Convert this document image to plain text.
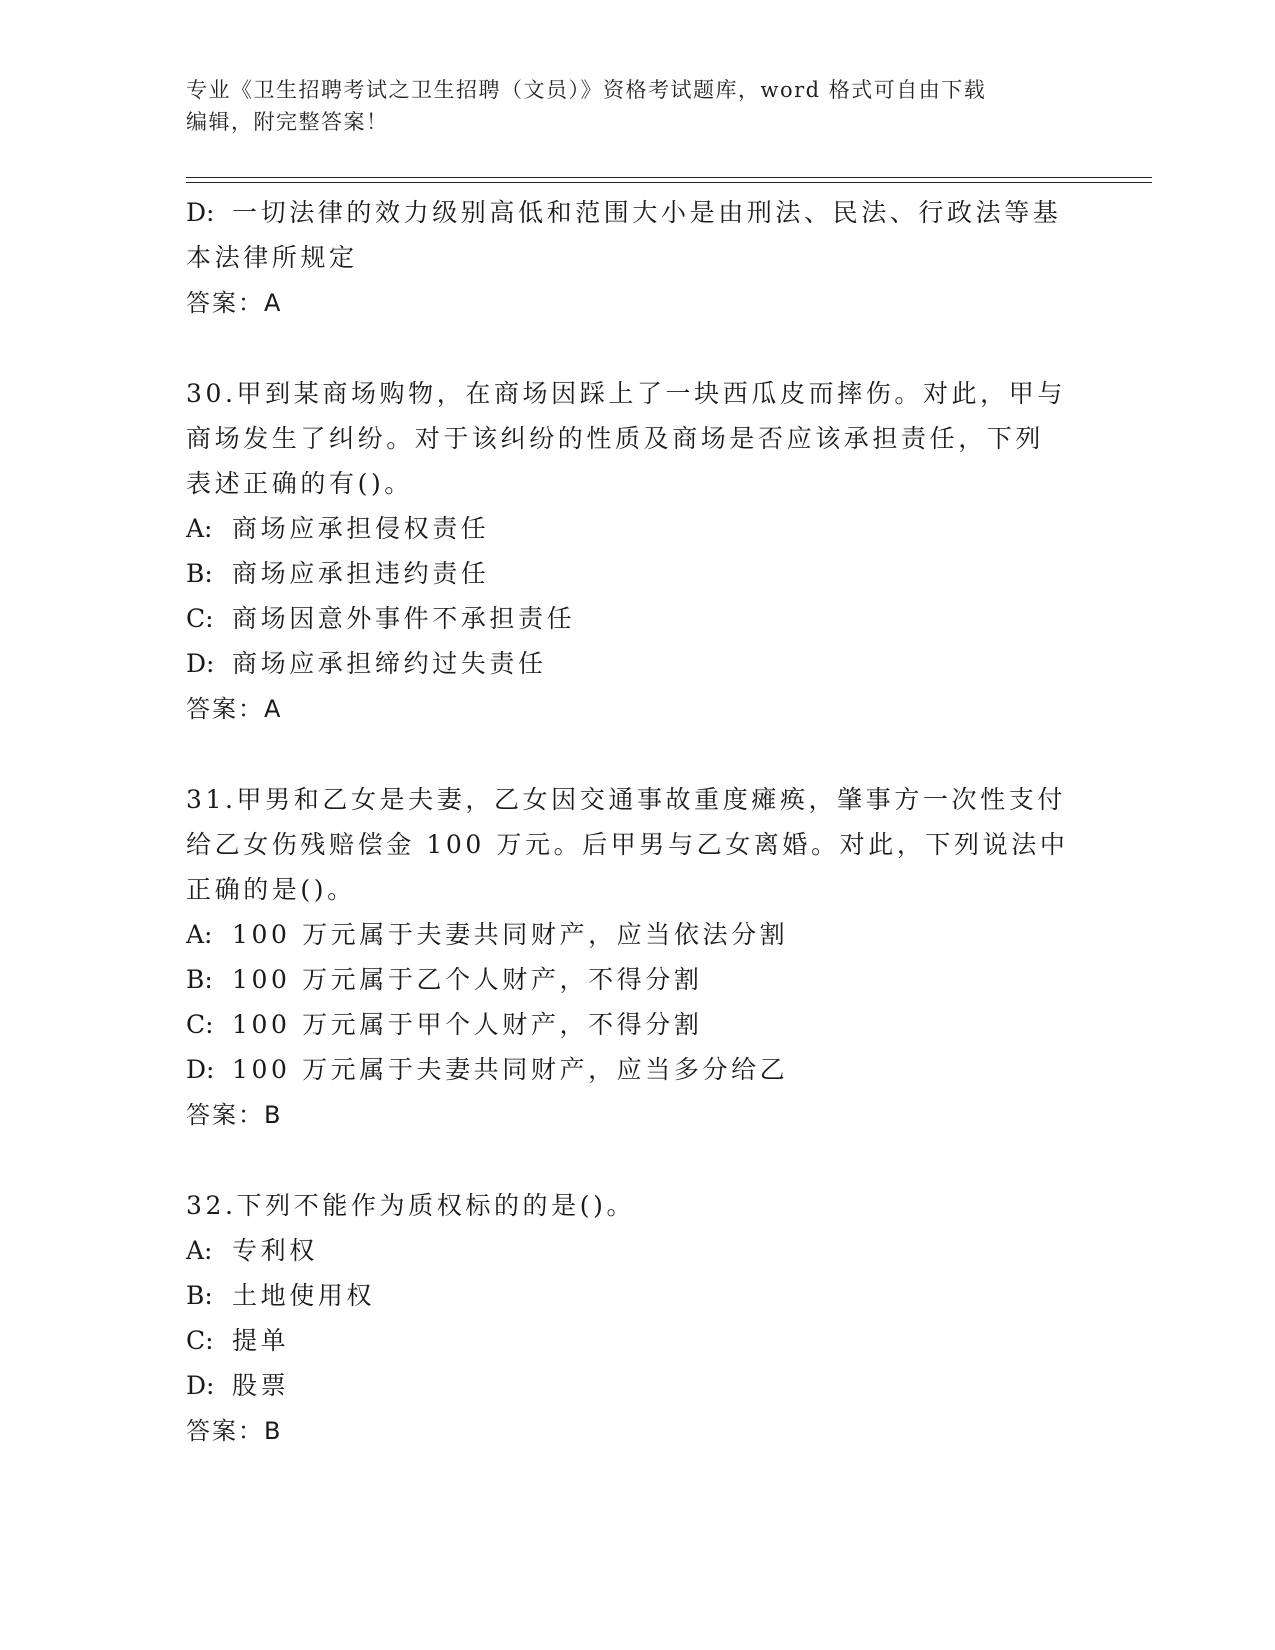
专业《卫生招聘考试之卫生招聘（文员）》资格考试题库，word 格式可自由下载
编辑，附完整答案！
D: 一切法律的效力级别高低和范围大小是由刑法、民法、行政法等基
本法律所规定
答案：A
30.甲到某商场购物，在商场因踩上了一块西瓜皮而摔伤。对此，甲与
商场发生了纠纷。对于该纠纷的性质及商场是否应该承担责任，下列
表述正确的有()。
A: 商场应承担侵权责任
B: 商场应承担违约责任
C: 商场因意外事件不承担责任
D: 商场应承担缔约过失责任
答案：A
31.甲男和乙女是夫妻，乙女因交通事故重度瘫痪，肇事方一次性支付
给乙女伤残赔偿金 100 万元。后甲男与乙女离婚。对此，下列说法中
正确的是()。
A: 100 万元属于夫妻共同财产，应当依法分割
B: 100 万元属于乙个人财产，不得分割
C: 100 万元属于甲个人财产，不得分割
D: 100 万元属于夫妻共同财产，应当多分给乙
答案：B
32.下列不能作为质权标的的是()。
A: 专利权
B: 土地使用权
C: 提单
D: 股票
答案：B
